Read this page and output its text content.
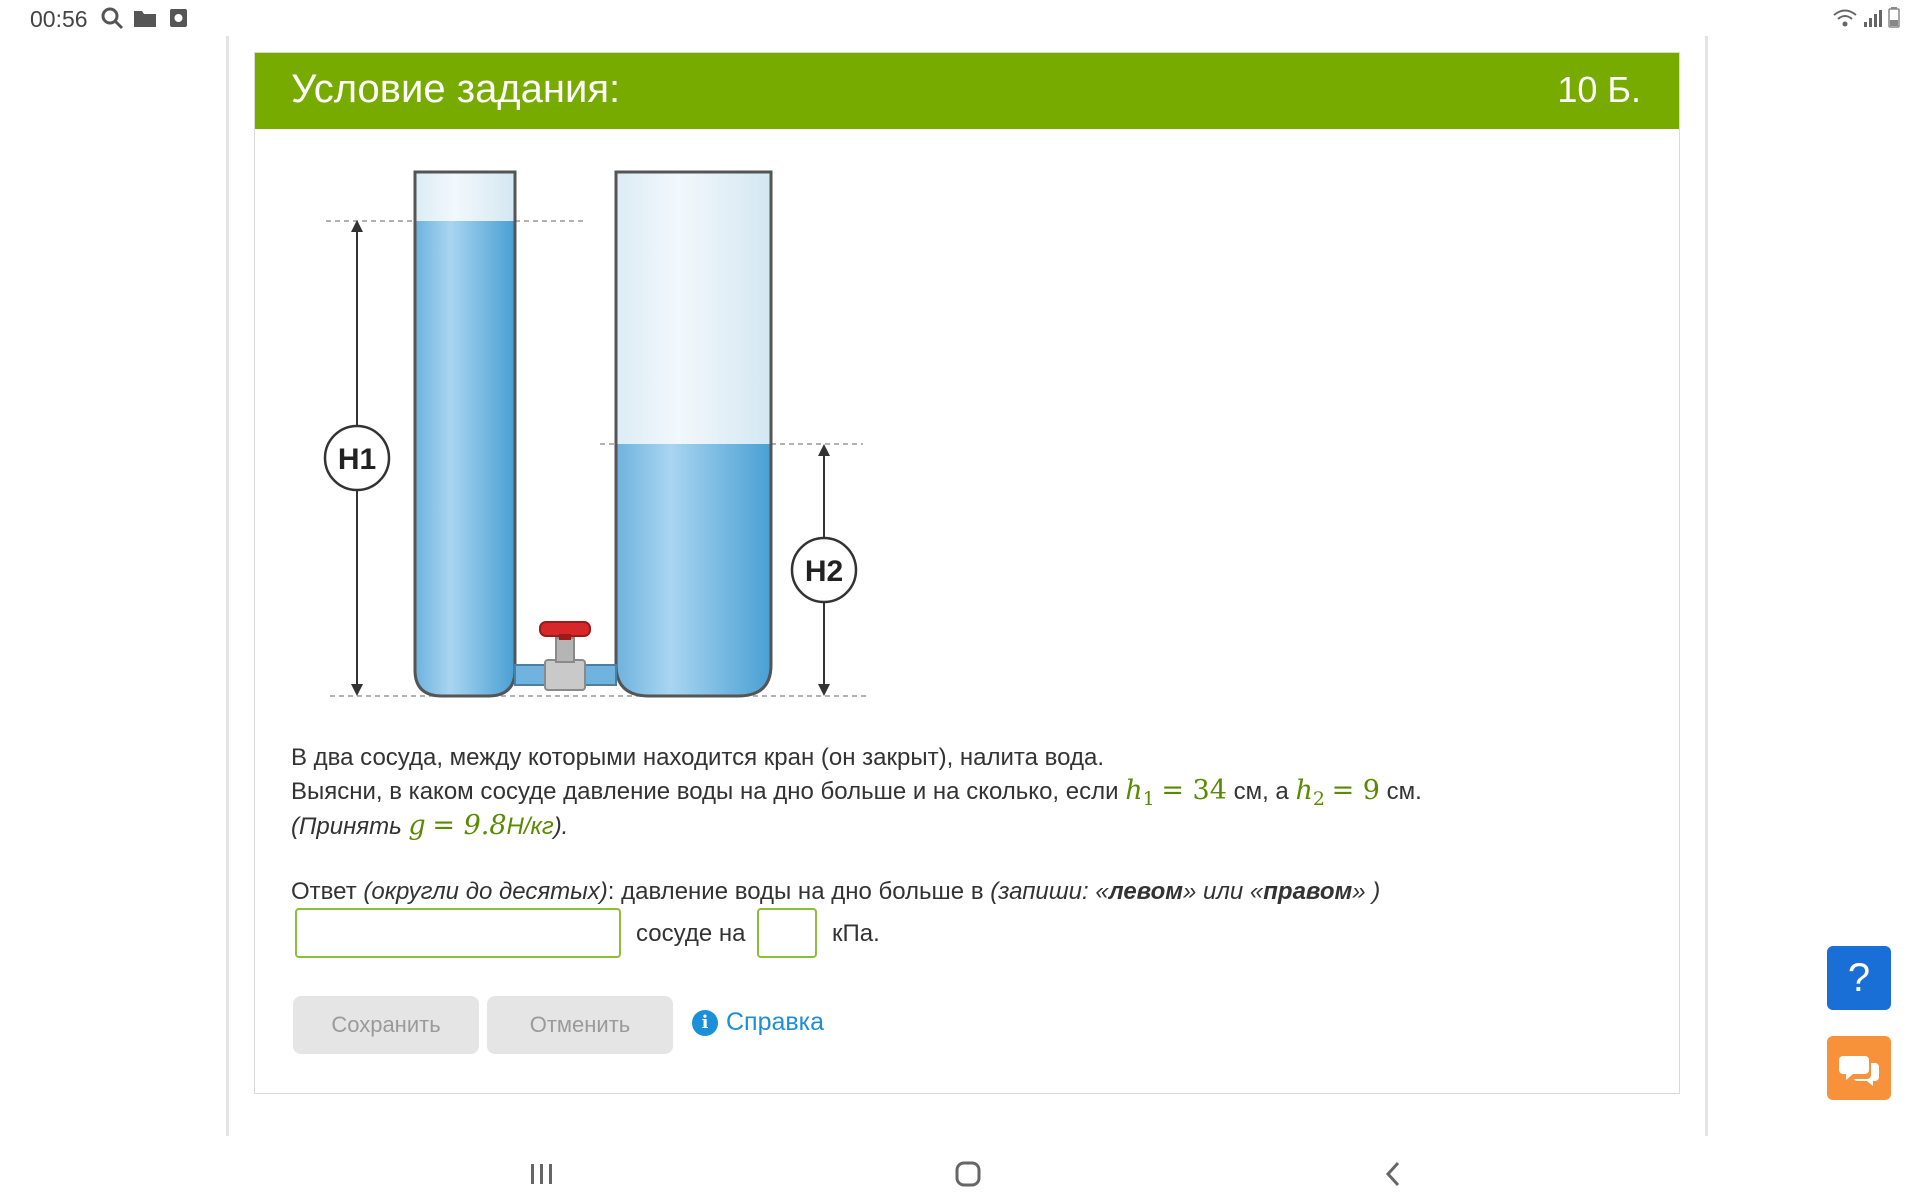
00:56
Условие задания:	10 Б.
H1
H2
В два сосуда, между которыми находится кран (он закрыт), налита вода.
Выясни, в каком сосуде давление воды на дно больше и на сколько, если $h_1 = 34$ см, а $h_2 = 9$ см.
(Принять g = 9.8Н/кг).
Ответ (округли до десятых): давление воды на дно больше в (запиши: «левом» или «правом» )
сосуде на	кПа.
Сохранить	Отменить	i Справка
?
